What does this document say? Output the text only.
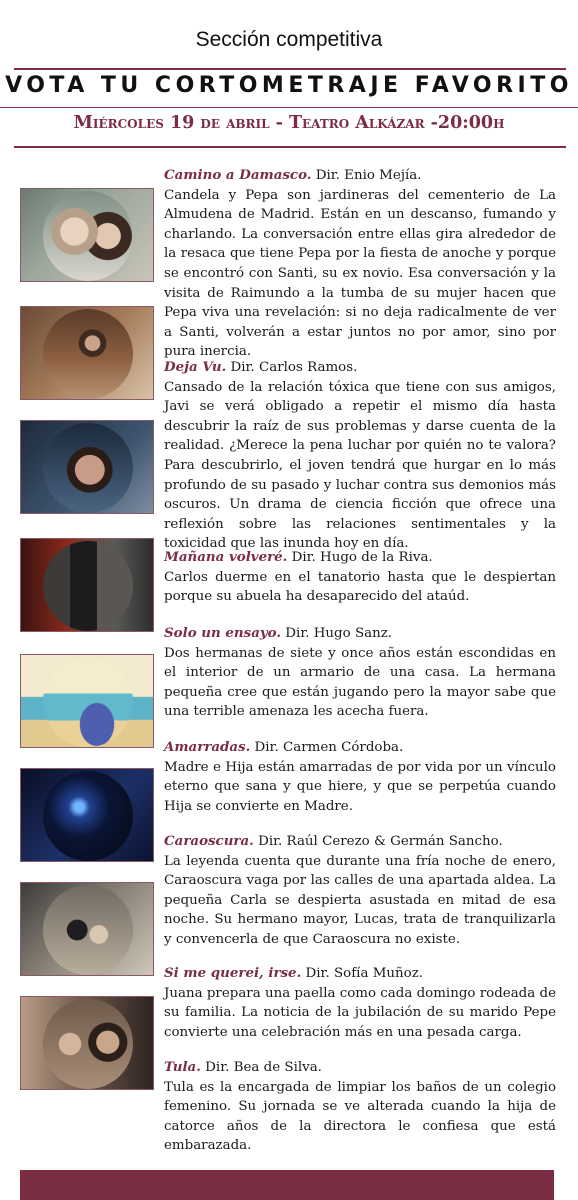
Sección competitiva
VOTA TU CORTOMETRAJE FAVORITO
Miércoles 19 de abril - Teatro Alkázar -20:00h
Camino a Damasco. Dir. Enio Mejía.
Candela y Pepa son jardineras del cementerio de La Almudena de Madrid. Están en un descanso, fumando y charlando. La conversación entre ellas gira alrededor de la resaca que tiene Pepa por la fiesta de anoche y porque se encontró con Santi, su ex novio. Esa conversación y la visita de Raimundo a la tumba de su mujer hacen que Pepa viva una revelación: si no deja radicalmente de ver a Santi, volverán a estar juntos no por amor, sino por pura inercia.
Deja Vu. Dir. Carlos Ramos.
Cansado de la relación tóxica que tiene con sus amigos, Javi se verá obligado a repetir el mismo día hasta descubrir la raíz de sus problemas y darse cuenta de la realidad. ¿Merece la pena luchar por quién no te valora? Para descubrirlo, el joven tendrá que hurgar en lo más profundo de su pasado y luchar contra sus demonios más oscuros. Un drama de ciencia ficción que ofrece una reflexión sobre las relaciones sentimentales y la toxicidad que las inunda hoy en día.
Mañana volveré. Dir. Hugo de la Riva.
Carlos duerme en el tanatorio hasta que le despiertan porque su abuela ha desaparecido del ataúd.
Solo un ensayo. Dir. Hugo Sanz.
Dos hermanas de siete y once años están escondidas en el interior de un armario de una casa. La hermana pequeña cree que están jugando pero la mayor sabe que una terrible amenaza les acecha fuera.
Amarradas. Dir. Carmen Córdoba.
Madre e Hija están amarradas de por vida por un vínculo eterno que sana y que hiere, y que se perpetúa cuando Hija se convierte en Madre.
Caraoscura. Dir. Raúl Cerezo & Germán Sancho.
La leyenda cuenta que durante una fría noche de enero, Caraoscura vaga por las calles de una apartada aldea. La pequeña Carla se despierta asustada en mitad de esa noche. Su hermano mayor, Lucas, trata de tranquilizarla y convencerla de que Caraoscura no existe.
Si me querei, irse. Dir. Sofía Muñoz.
Juana prepara una paella como cada domingo rodeada de su familia. La noticia de la jubilación de su marido Pepe convierte una celebración más en una pesada carga.
Tula. Dir. Bea de Silva.
Tula es la encargada de limpiar los baños de un colegio femenino. Su jornada se ve alterada cuando la hija de catorce años de la directora le confiesa que está embarazada.
